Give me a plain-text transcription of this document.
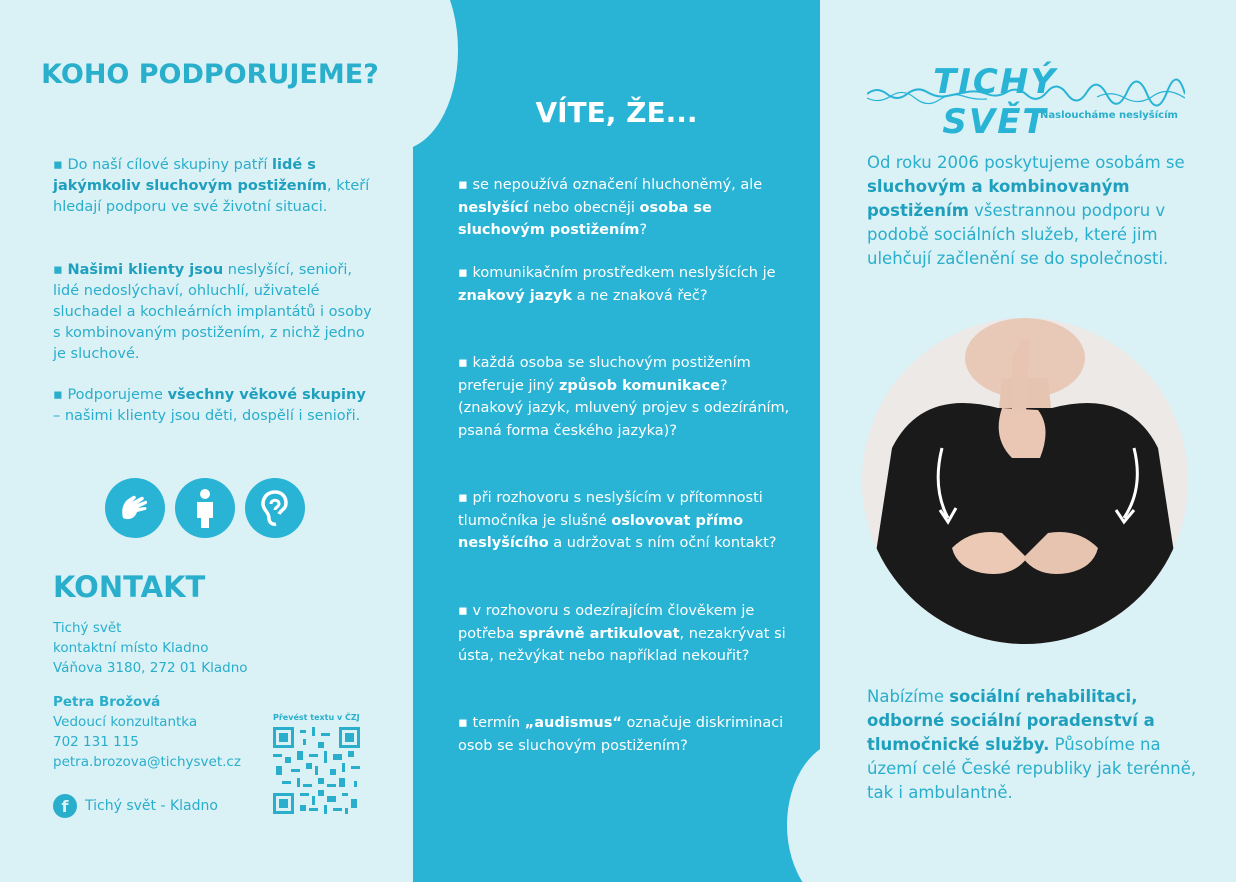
KOHO PODPORUJEME?

▪ Do naší cílové skupiny patří lidé s jakýmkoliv sluchovým postižením, kteří hledají podporu ve své životní situaci.

▪ Našimi klienty jsou neslyšící, senioři, lidé nedoslýchaví, ohluchlí, uživatelé sluchadel a kochleárních implantátů i osoby s kombinovaným postižením, z nichž jedno je sluchové.

▪ Podporujeme všechny věkové skupiny – našimi klienty jsou děti, dospělí i senioři.

KONTAKT
Tichý svět
kontaktní místo Kladno
Váňova 3180, 272 01 Kladno
Petra Brožová
Vedoucí konzultantka
702 131 115
petra.brozova@tichysvet.cz
f	Tichý svět - Kladno
Převést textu v ČZJ
VÍTE, ŽE...

▪ se nepoužívá označení hluchoněmý, ale neslyšící nebo obecněji osoba se sluchovým postižením?

▪ komunikačním prostředkem neslyšících je znakový jazyk a ne znaková řeč?

▪ každá osoba se sluchovým postižením preferuje jiný způsob komunikace? (znakový jazyk, mluvený projev s odezíráním, psaná forma českého jazyka)?

▪ při rozhovoru s neslyšícím v přítomnosti tlumočníka je slušné oslovovat přímo neslyšícího a udržovat s ním oční kontakt?

▪ v rozhovoru s odezírajícím člověkem je potřeba správně artikulovat, nezakrývat si ústa, nežvýkat nebo například nekouřit?

▪ termín „audismus“ označuje diskriminaci osob se sluchovým postižením?

TICHÝ SVĚT
Nasloucháme neslyšícím

Od roku 2006 poskytujeme osobám se sluchovým a kombinovaným postižením všestrannou podporu v podobě sociálních služeb, které jim ulehčují začlenění se do společnosti.

Nabízíme sociální rehabilitaci, odborné sociální poradenství a tlumočnické služby. Působíme na území celé České republiky jak terénně, tak i ambulantně.
